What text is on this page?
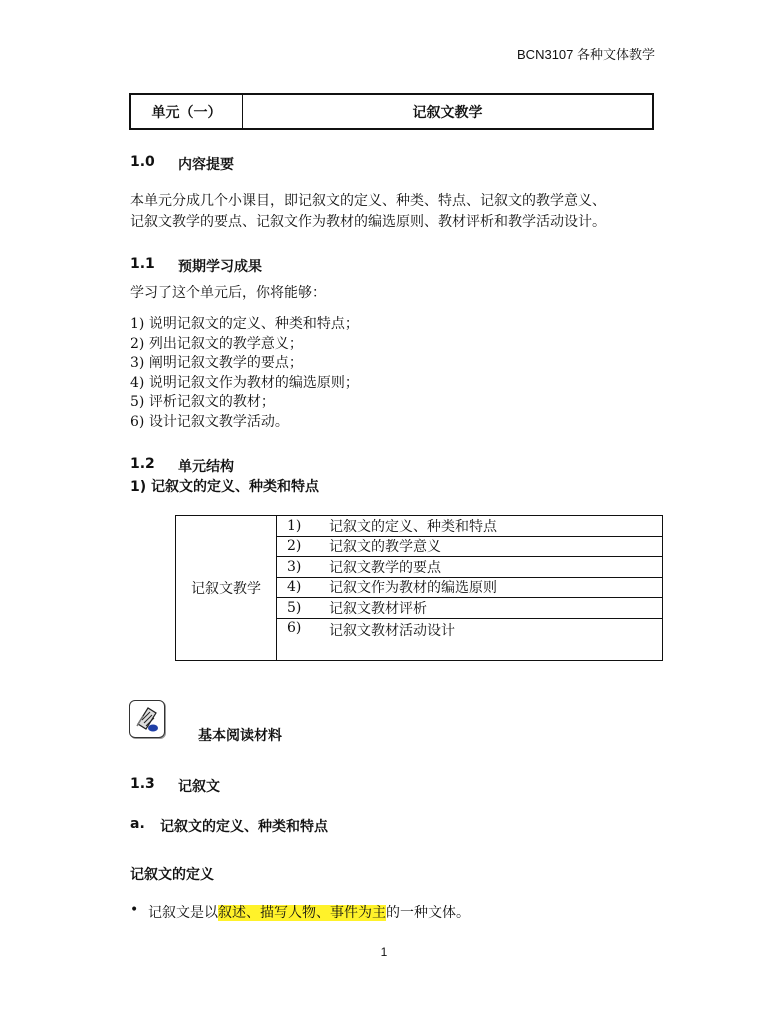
BCN3107 各种文体教学
单元（一）	记叙文教学
1.0	内容提要
本单元分成几个小课目，即记叙文的定义、种类、特点、记叙文的教学意义、
记叙文教学的要点、记叙文作为教材的编选原则、教材评析和教学活动设计。
1.1	预期学习成果
学习了这个单元后，你将能够：
1) 说明记叙文的定义、种类和特点；
2) 列出记叙文的教学意义；
3) 阐明记叙文教学的要点；
4) 说明记叙文作为教材的编选原则；
5) 评析记叙文的教材；
6) 设计记叙文教学活动。
1.2	单元结构
1) 记叙文的定义、种类和特点
记叙文教学
1)	记叙文的定义、种类和特点
2)	记叙文的教学意义
3)	记叙文教学的要点
4)	记叙文作为教材的编选原则
5)	记叙文教材评析
6)	记叙文教材活动设计
基本阅读材料
1.3	记叙文
a.	记叙文的定义、种类和特点
记叙文的定义
• 记叙文是以叙述、描写人物、事件为主的一种文体。
1
